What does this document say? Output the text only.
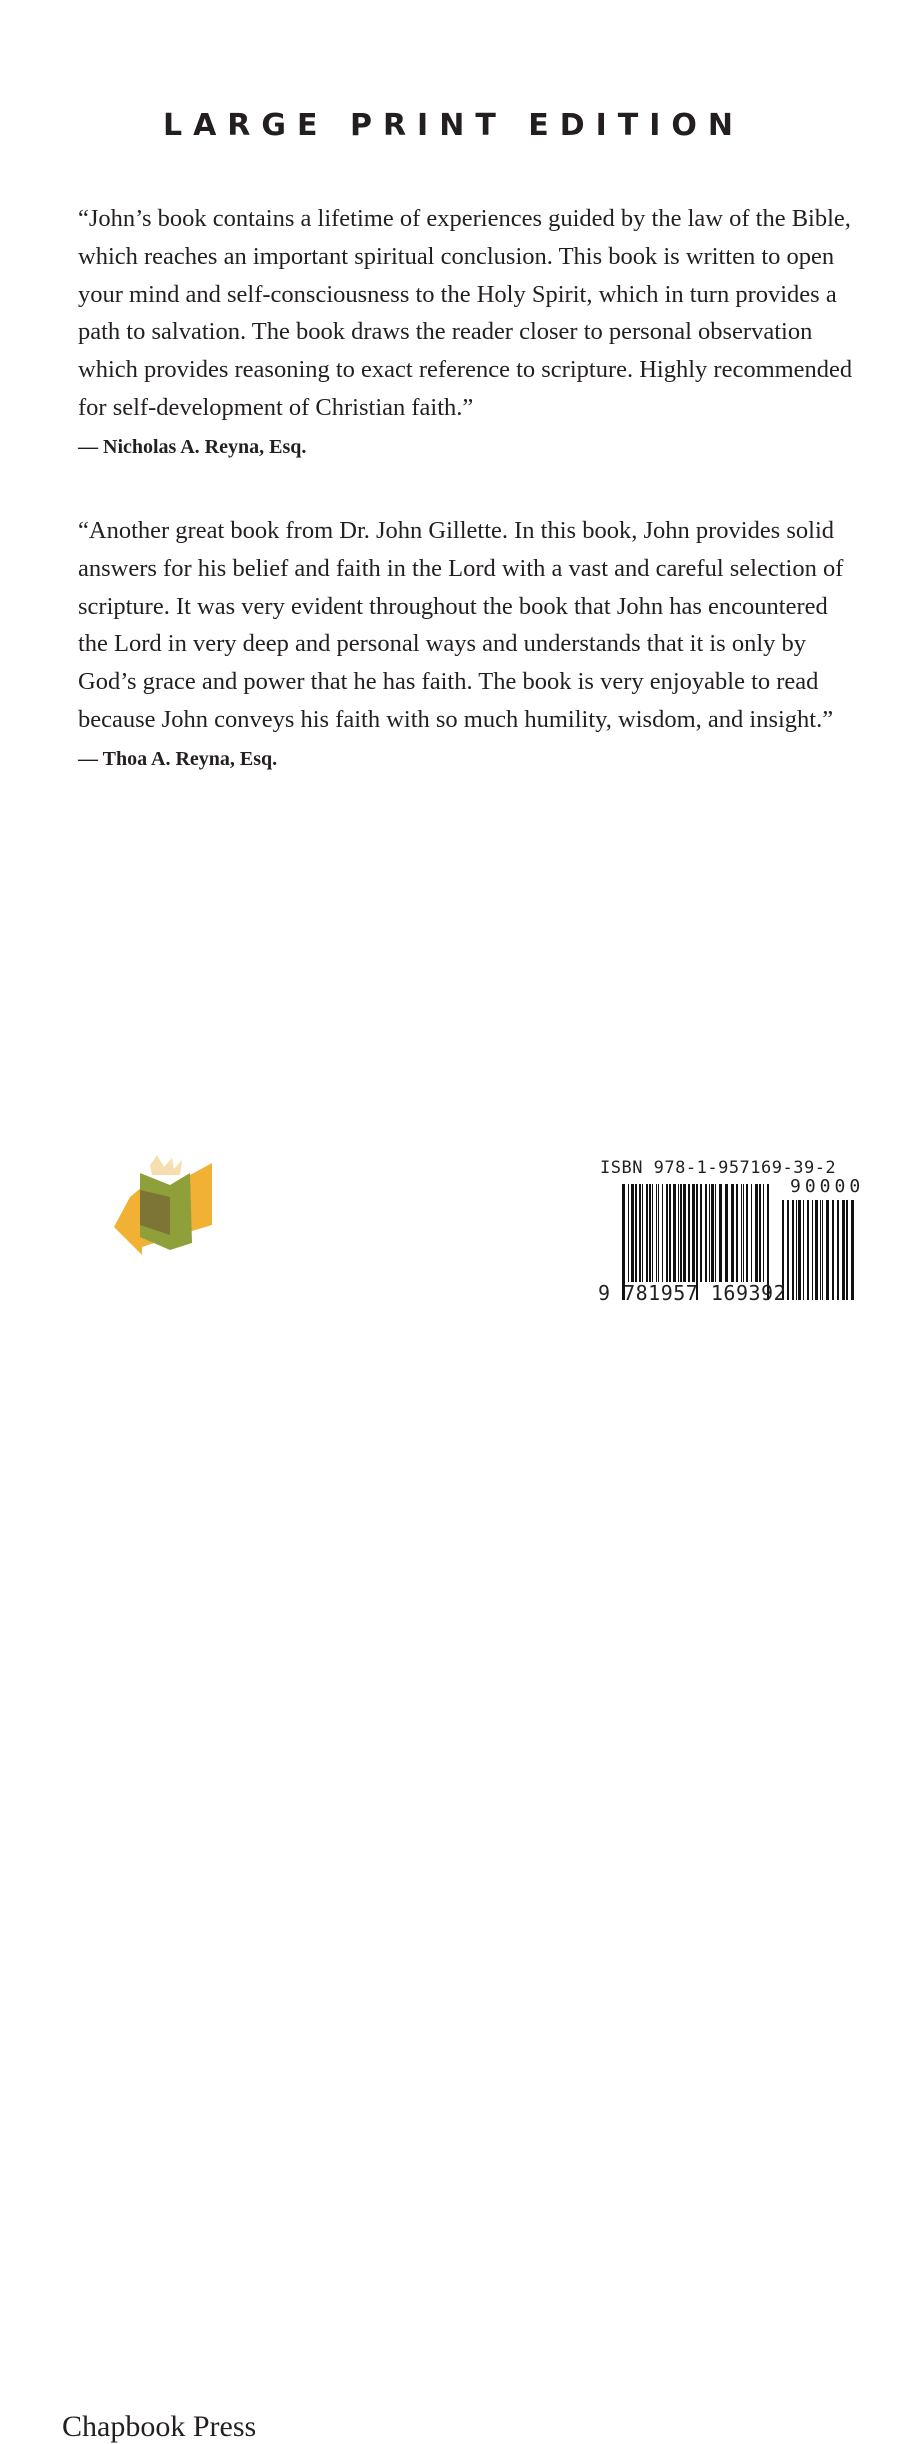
LARGE PRINT EDITION

“John’s book contains a lifetime of experiences guided by the law of the Bible, which reaches an important spiritual conclusion. This book is written to open your mind and self-consciousness to the Holy Spirit, which in turn provides a path to salvation. The book draws the reader closer to personal observation which provides reasoning to exact reference to scripture. Highly recommended for self-development of Christian faith.”

— Nicholas A. Reyna, Esq.

“Another great book from Dr. John Gillette. In this book, John provides solid answers for his belief and faith in the Lord with a vast and careful selection of scripture. It was very evident throughout the book that John has encountered the Lord in very deep and personal ways and understands that it is only by God’s grace and power that he has faith. The book is very enjoyable to read because John conveys his faith with so much humility, wisdom, and insight.”

— Thoa A. Reyna, Esq.

Chapbook Press
ISBN 978-1-957169-39-2
90000
9 781957 169392
